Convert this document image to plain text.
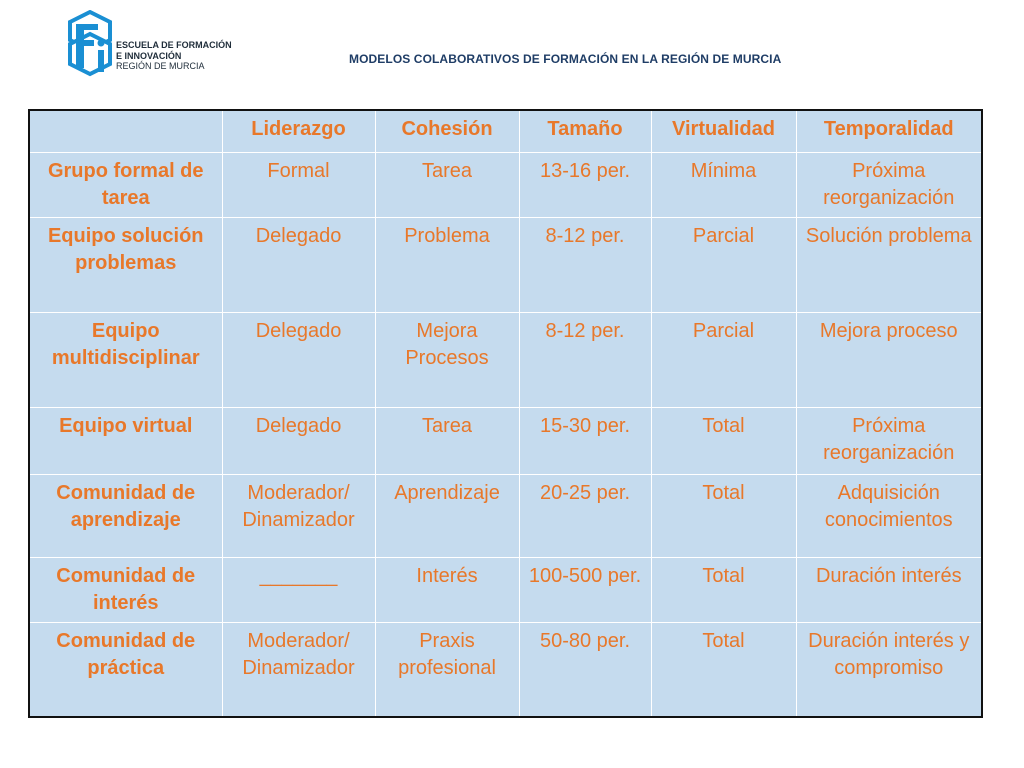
ESCUELA DE FORMACIÓN
E INNOVACIÓN
REGIÓN DE MURCIA	MODELOS COLABORATIVOS DE FORMACIÓN EN LA REGIÓN DE MURCIA
	Liderazgo	Cohesión	Tamaño	Virtualidad	Temporalidad
Grupo formal de tarea	Formal	Tarea	13-16 per.	Mínima	Próxima reorganización
Equipo solución problemas	Delegado	Problema	8-12 per.	Parcial	Solución problema
Equipo multidisciplinar	Delegado	Mejora Procesos	8-12 per.	Parcial	Mejora proceso
Equipo virtual	Delegado	Tarea	15-30 per.	Total	Próxima reorganización
Comunidad de aprendizaje	Moderador/ Dinamizador	Aprendizaje	20-25 per.	Total	Adquisición conocimientos
Comunidad de interés	_______	Interés	100-500 per.	Total	Duración interés
Comunidad de práctica	Moderador/ Dinamizador	Praxis profesional	50-80 per.	Total	Duración interés y compromiso
